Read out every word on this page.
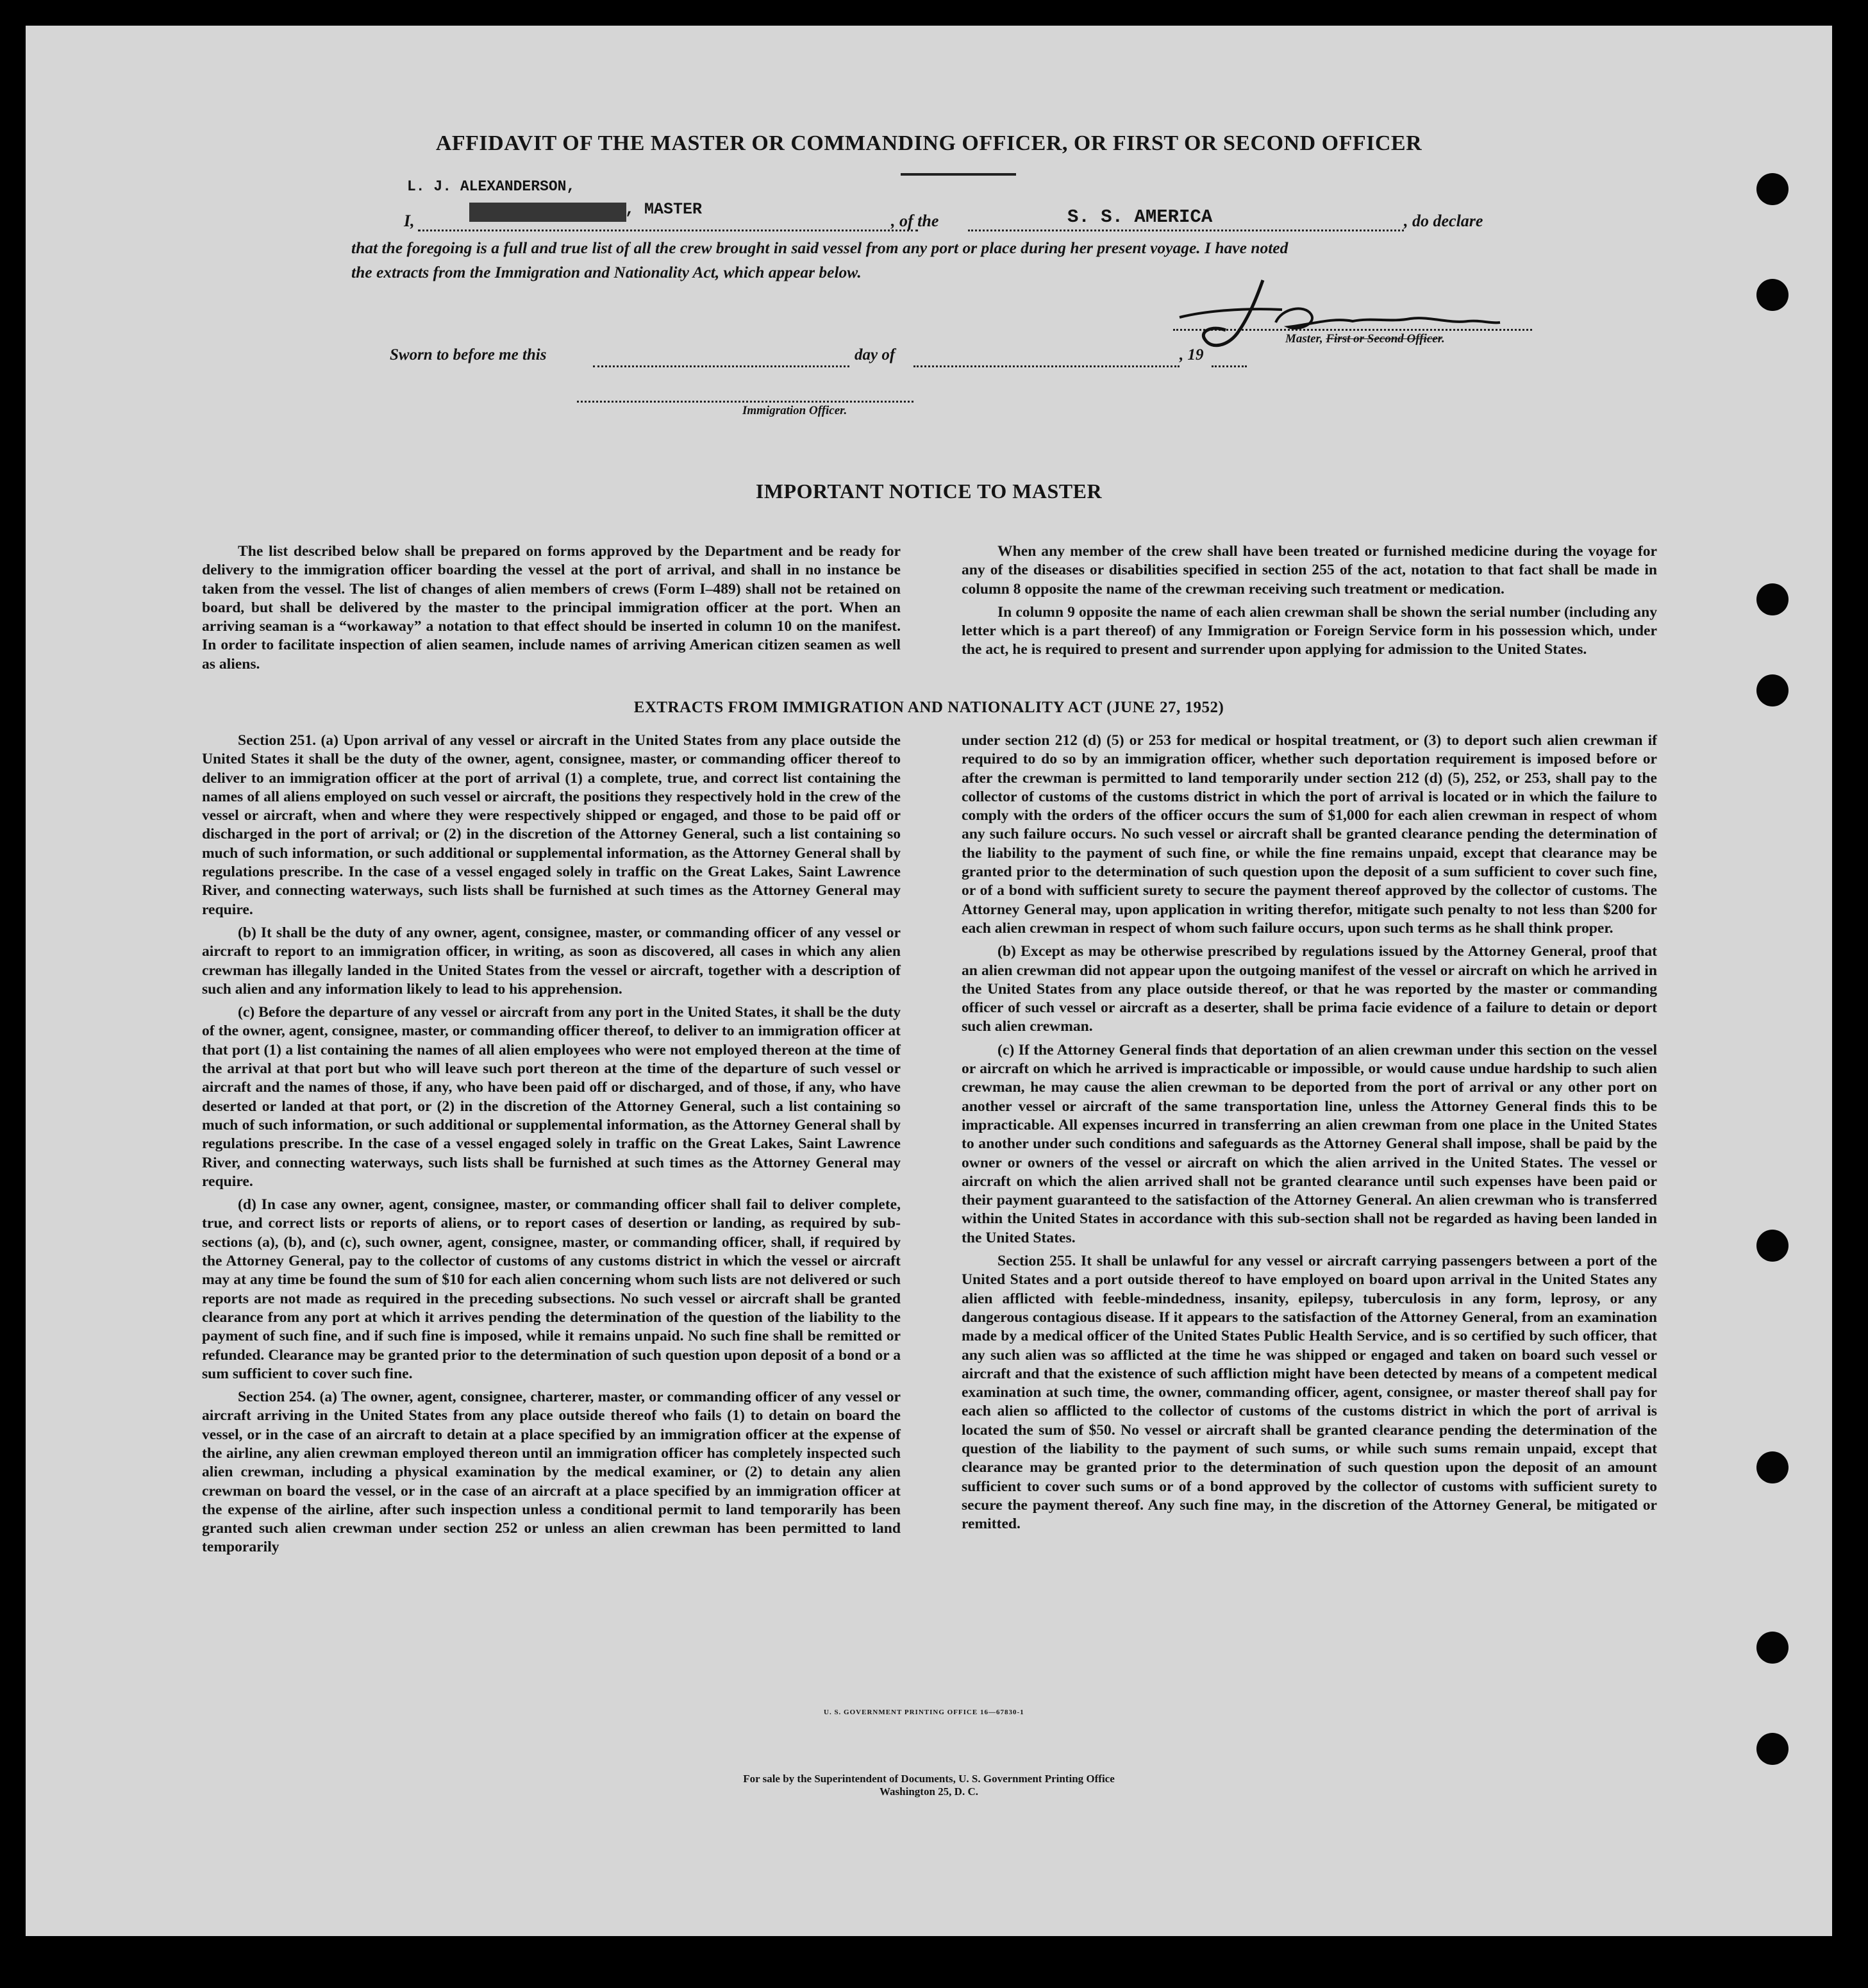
AFFIDAVIT OF THE MASTER OR COMMANDING OFFICER, OR FIRST OR SECOND OFFICER
L. J. ALEXANDERSON,
I,
, MASTER
, of the	S. S. AMERICA	, do declare
that the foregoing is a full and true list of all the crew brought in said vessel from any port or place during her present voyage. I have noted
the extracts from the Immigration and Nationality Act, which appear below.
Master, First or Second Officer.
Sworn to before me this	day of	, 19
Immigration Officer.
IMPORTANT NOTICE TO MASTER

The list described below shall be prepared on forms approved by the Department and be ready for delivery to the immigration officer boarding the vessel at the port of arrival, and shall in no instance be taken from the vessel. The list of changes of alien members of crews (Form I–489) shall not be retained on board, but shall be delivered by the master to the principal immigration officer at the port. When an arriving seaman is a “workaway” a notation to that effect should be inserted in column 10 on the manifest. In order to facilitate inspection of alien seamen, include names of arriving American citizen seamen as well as aliens.

When any member of the crew shall have been treated or furnished medicine during the voyage for any of the diseases or disabilities specified in section 255 of the act, notation to that fact shall be made in column 8 opposite the name of the crewman receiving such treatment or medication.

In column 9 opposite the name of each alien crewman shall be shown the serial number (including any letter which is a part thereof) of any Immigration or Foreign Service form in his possession which, under the act, he is required to present and surrender upon applying for admission to the United States.

EXTRACTS FROM IMMIGRATION AND NATIONALITY ACT (JUNE 27, 1952)

Section 251. (a) Upon arrival of any vessel or aircraft in the United States from any place outside the United States it shall be the duty of the owner, agent, consignee, master, or commanding officer thereof to deliver to an immigration officer at the port of arrival (1) a complete, true, and correct list containing the names of all aliens employed on such vessel or aircraft, the positions they respectively hold in the crew of the vessel or aircraft, when and where they were respectively shipped or engaged, and those to be paid off or discharged in the port of arrival; or (2) in the discretion of the Attorney General, such a list containing so much of such information, or such additional or supplemental information, as the Attorney General shall by regulations prescribe. In the case of a vessel engaged solely in traffic on the Great Lakes, Saint Lawrence River, and connecting waterways, such lists shall be furnished at such times as the Attorney General may require.

(b) It shall be the duty of any owner, agent, consignee, master, or commanding officer of any vessel or aircraft to report to an immigration officer, in writing, as soon as discovered, all cases in which any alien crewman has illegally landed in the United States from the vessel or aircraft, together with a description of such alien and any information likely to lead to his apprehension.

(c) Before the departure of any vessel or aircraft from any port in the United States, it shall be the duty of the owner, agent, consignee, master, or commanding officer thereof, to deliver to an immigration officer at that port (1) a list containing the names of all alien employees who were not employed thereon at the time of the arrival at that port but who will leave such port thereon at the time of the departure of such vessel or aircraft and the names of those, if any, who have been paid off or discharged, and of those, if any, who have deserted or landed at that port, or (2) in the discretion of the Attorney General, such a list containing so much of such information, or such additional or supplemental information, as the Attorney General shall by regulations prescribe. In the case of a vessel engaged solely in traffic on the Great Lakes, Saint Lawrence River, and connecting waterways, such lists shall be furnished at such times as the Attorney General may require.

(d) In case any owner, agent, consignee, master, or commanding officer shall fail to deliver complete, true, and correct lists or reports of aliens, or to report cases of desertion or landing, as required by sub-sections (a), (b), and (c), such owner, agent, consignee, master, or commanding officer, shall, if required by the Attorney General, pay to the collector of customs of any customs district in which the vessel or aircraft may at any time be found the sum of $10 for each alien concerning whom such lists are not delivered or such reports are not made as required in the preceding subsections. No such vessel or aircraft shall be granted clearance from any port at which it arrives pending the determination of the question of the liability to the payment of such fine, and if such fine is imposed, while it remains unpaid. No such fine shall be remitted or refunded. Clearance may be granted prior to the determination of such question upon deposit of a bond or a sum sufficient to cover such fine.

Section 254. (a) The owner, agent, consignee, charterer, master, or commanding officer of any vessel or aircraft arriving in the United States from any place outside thereof who fails (1) to detain on board the vessel, or in the case of an aircraft to detain at a place specified by an immigration officer at the expense of the airline, any alien crewman employed thereon until an immigration officer has completely inspected such alien crewman, including a physical examination by the medical examiner, or (2) to detain any alien crewman on board the vessel, or in the case of an aircraft at a place specified by an immigration officer at the expense of the airline, after such inspection unless a conditional permit to land temporarily has been granted such alien crewman under section 252 or unless an alien crewman has been permitted to land temporarily

under section 212 (d) (5) or 253 for medical or hospital treatment, or (3) to deport such alien crewman if required to do so by an immigration officer, whether such deportation requirement is imposed before or after the crewman is permitted to land temporarily under section 212 (d) (5), 252, or 253, shall pay to the collector of customs of the customs district in which the port of arrival is located or in which the failure to comply with the orders of the officer occurs the sum of $1,000 for each alien crewman in respect of whom any such failure occurs. No such vessel or aircraft shall be granted clearance pending the determination of the liability to the payment of such fine, or while the fine remains unpaid, except that clearance may be granted prior to the determination of such question upon the deposit of a sum sufficient to cover such fine, or of a bond with sufficient surety to secure the payment thereof approved by the collector of customs. The Attorney General may, upon application in writing therefor, mitigate such penalty to not less than $200 for each alien crewman in respect of whom such failure occurs, upon such terms as he shall think proper.

(b) Except as may be otherwise prescribed by regulations issued by the Attorney General, proof that an alien crewman did not appear upon the outgoing manifest of the vessel or aircraft on which he arrived in the United States from any place outside thereof, or that he was reported by the master or commanding officer of such vessel or aircraft as a deserter, shall be prima facie evidence of a failure to detain or deport such alien crewman.

(c) If the Attorney General finds that deportation of an alien crewman under this section on the vessel or aircraft on which he arrived is impracticable or impossible, or would cause undue hardship to such alien crewman, he may cause the alien crewman to be deported from the port of arrival or any other port on another vessel or aircraft of the same transportation line, unless the Attorney General finds this to be impracticable. All expenses incurred in transferring an alien crewman from one place in the United States to another under such conditions and safeguards as the Attorney General shall impose, shall be paid by the owner or owners of the vessel or aircraft on which the alien arrived in the United States. The vessel or aircraft on which the alien arrived shall not be granted clearance until such expenses have been paid or their payment guaranteed to the satisfaction of the Attorney General. An alien crewman who is transferred within the United States in accordance with this sub-section shall not be regarded as having been landed in the United States.

Section 255. It shall be unlawful for any vessel or aircraft carrying passengers between a port of the United States and a port outside thereof to have employed on board upon arrival in the United States any alien afflicted with feeble-mindedness, insanity, epilepsy, tuberculosis in any form, leprosy, or any dangerous contagious disease. If it appears to the satisfaction of the Attorney General, from an examination made by a medical officer of the United States Public Health Service, and is so certified by such officer, that any such alien was so afflicted at the time he was shipped or engaged and taken on board such vessel or aircraft and that the existence of such affliction might have been detected by means of a competent medical examination at such time, the owner, commanding officer, agent, consignee, or master thereof shall pay for each alien so afflicted to the collector of customs of the customs district in which the port of arrival is located the sum of $50. No vessel or aircraft shall be granted clearance pending the determination of the question of the liability to the payment of such sums, or while such sums remain unpaid, except that clearance may be granted prior to the determination of such question upon the deposit of an amount sufficient to cover such sums or of a bond approved by the collector of customs with sufficient surety to secure the payment thereof. Any such fine may, in the discretion of the Attorney General, be mitigated or remitted.

U. S. GOVERNMENT PRINTING OFFICE 16—67830-1
For sale by the Superintendent of Documents, U. S. Government Printing Office
Washington 25, D. C.
